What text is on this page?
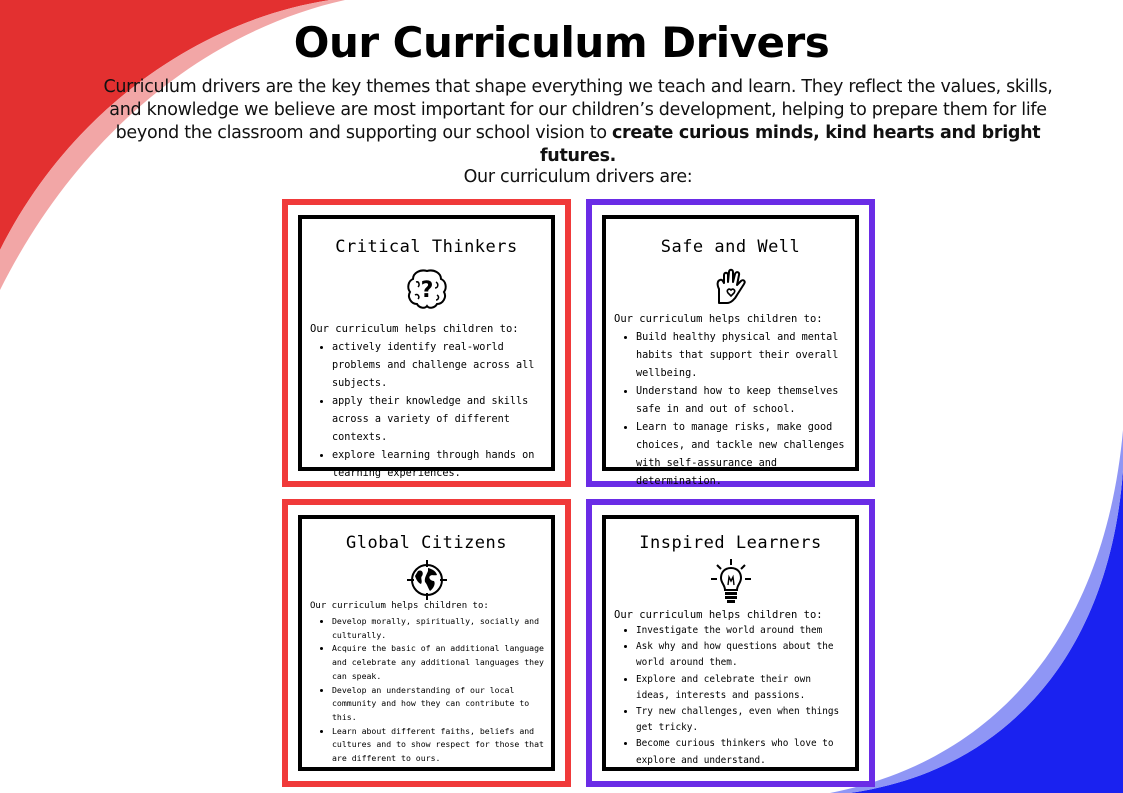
Our Curriculum Drivers
Curriculum drivers are the key themes that shape everything we teach and learn. They reflect the values, skills, and knowledge we believe are most important for our children’s development, helping to prepare them for life beyond the classroom and supporting our school vision to create curious minds, kind hearts and bright futures.
Our curriculum drivers are:
Critical Thinkers
?
Our curriculum helps children to:
• actively identify real-world problems and challenge across all subjects.
• apply their knowledge and skills across a variety of different contexts.
• explore learning through hands on learning experiences.
Safe and Well
Our curriculum helps children to:
• Build healthy physical and mental habits that support their overall wellbeing.
• Understand how to keep themselves safe in and out of school.
• Learn to manage risks, make good choices, and tackle new challenges with self-assurance and determination.
Global Citizens
Our curriculum helps children to:
• Develop morally, spiritually, socially and culturally.
• Acquire the basic of an additional language and celebrate any additional languages they can speak.
• Develop an understanding of our local community and how they can contribute to this.
• Learn about different faiths, beliefs and cultures and to show respect for those that are different to ours.
Inspired Learners
Our curriculum helps children to:
• Investigate the world around them
• Ask why and how questions about the world around them.
• Explore and celebrate their own ideas, interests and passions.
• Try new challenges, even when things get tricky.
• Become curious thinkers who love to explore and understand.
